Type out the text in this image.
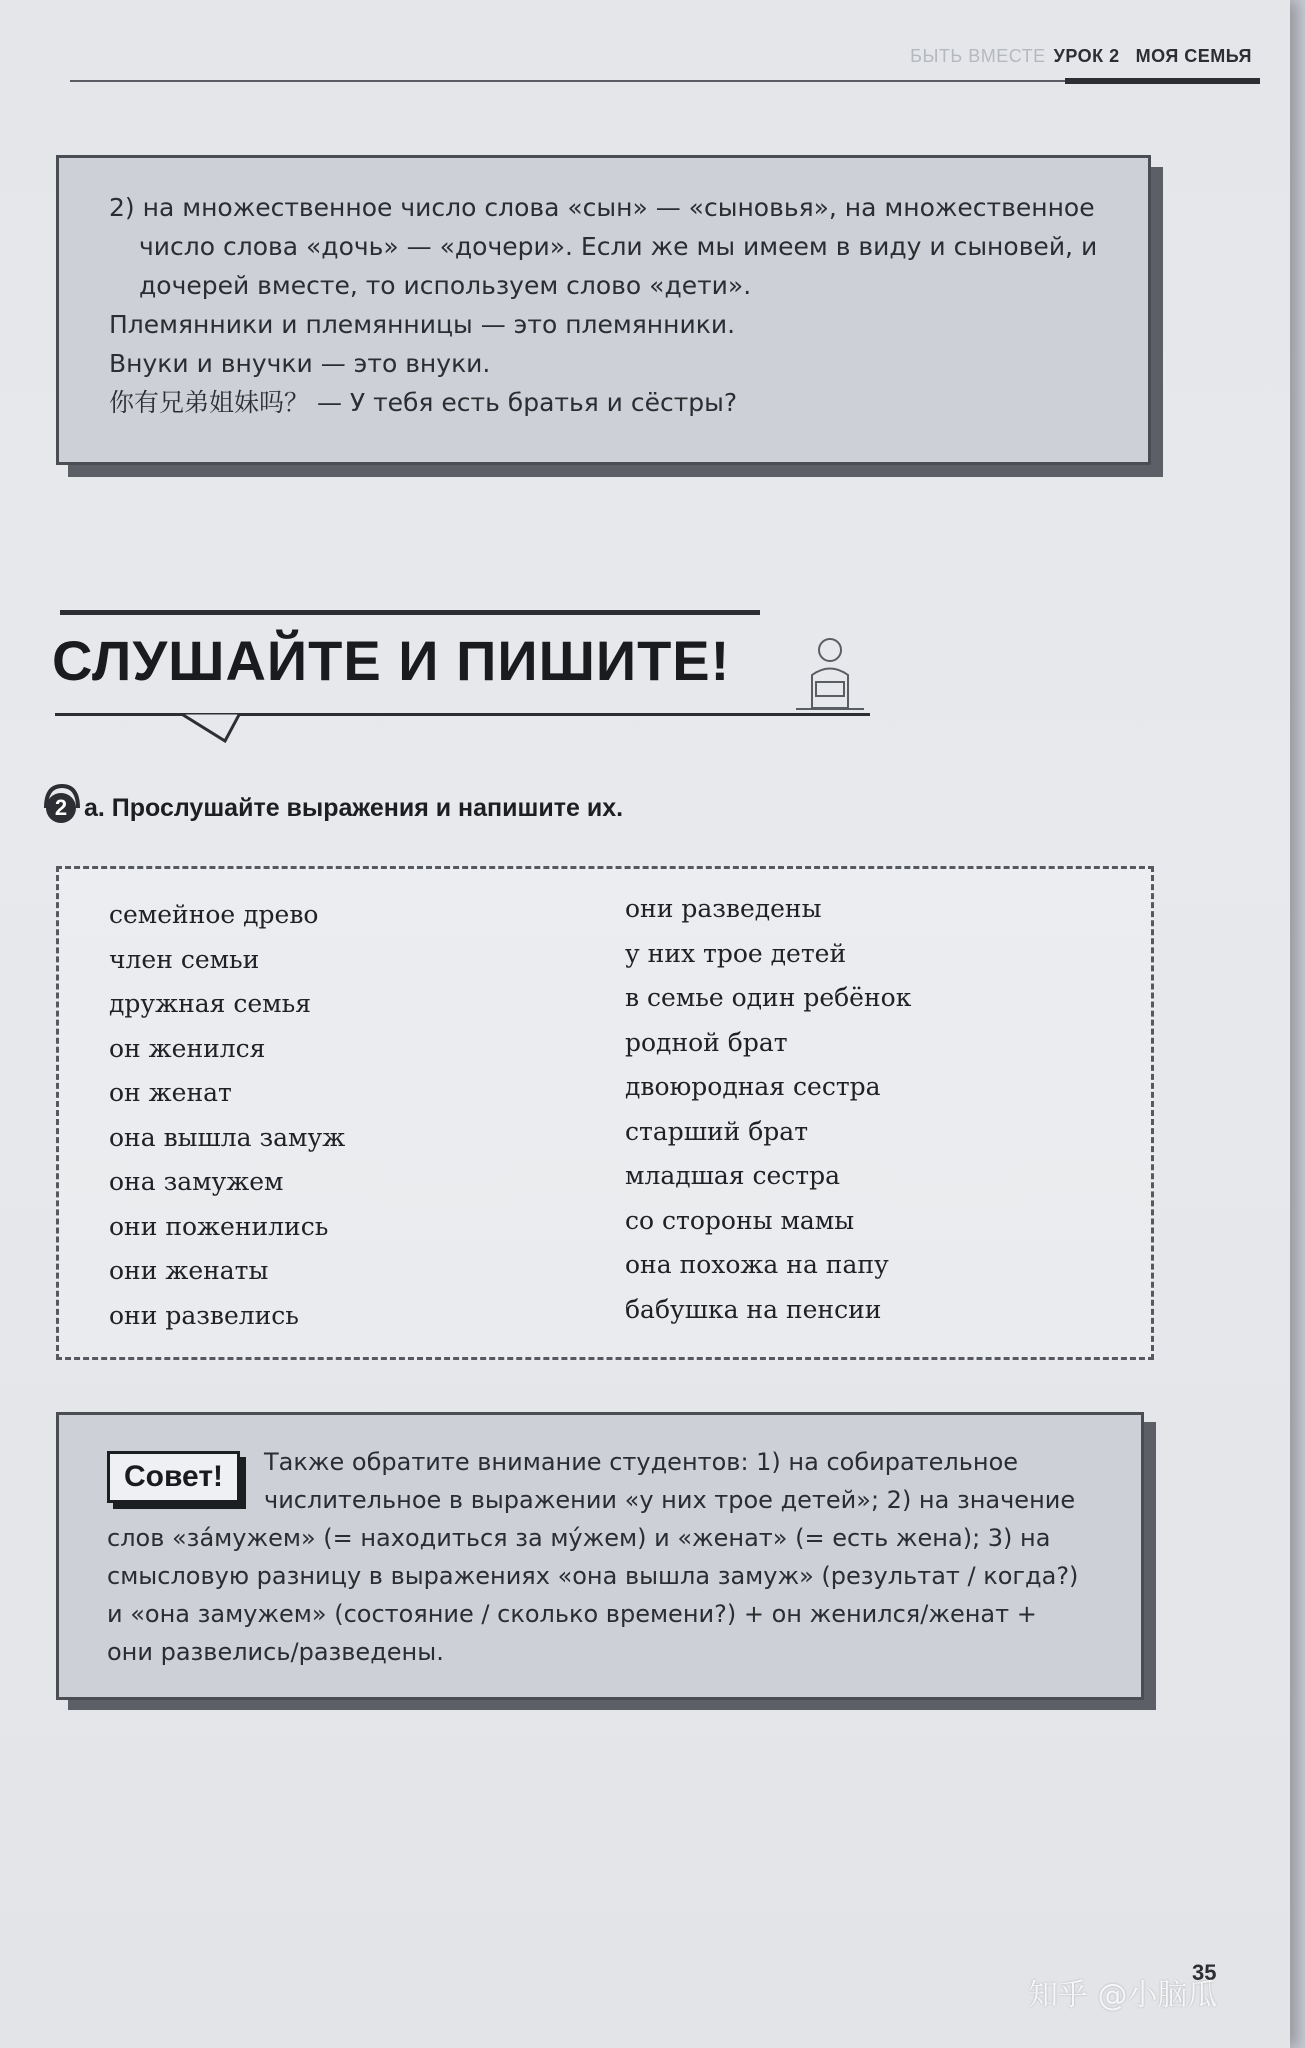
БЫТЬ ВМЕСТЕ УРОК 2 МОЯ СЕМЬЯ

2) на множественное число слова «сын» — «сыновья», на множественное число слова «дочь» — «дочери». Если же мы имеем в виду и сыновей, и дочерей вместе, то используем слово «дети».

Племянники и племянницы — это племянники.

Внуки и внучки — это внуки.

你有兄弟姐妹吗？ — У тебя есть братья и сёстры?

СЛУШАЙТЕ И ПИШИТЕ!
2 a. Прослушайте выражения и напишите их.
семейное древо
член семьи
дружная семья
он женился
он женат
она вышла замуж
она замужем
они поженились
они женаты
они развелись
они разведены
у них трое детей
в семье один ребёнок
родной брат
двоюродная сестра
старший брат
младшая сестра
со стороны мамы
она похожа на папу
бабушка на пенсии
Совет!	Также обратите внимание студентов: 1) на собирательное числительное в выражении «у них трое детей»; 2) на значение слов «за́мужем» (= находиться за му́жем) и «женат» (= есть жена); 3) на смысловую разницу в выражениях «она вышла замуж» (результат / когда?) и «она замужем» (состояние / сколько времени?) + он женился/женат + они развелись/разведены.

35
知乎 @小脑瓜
